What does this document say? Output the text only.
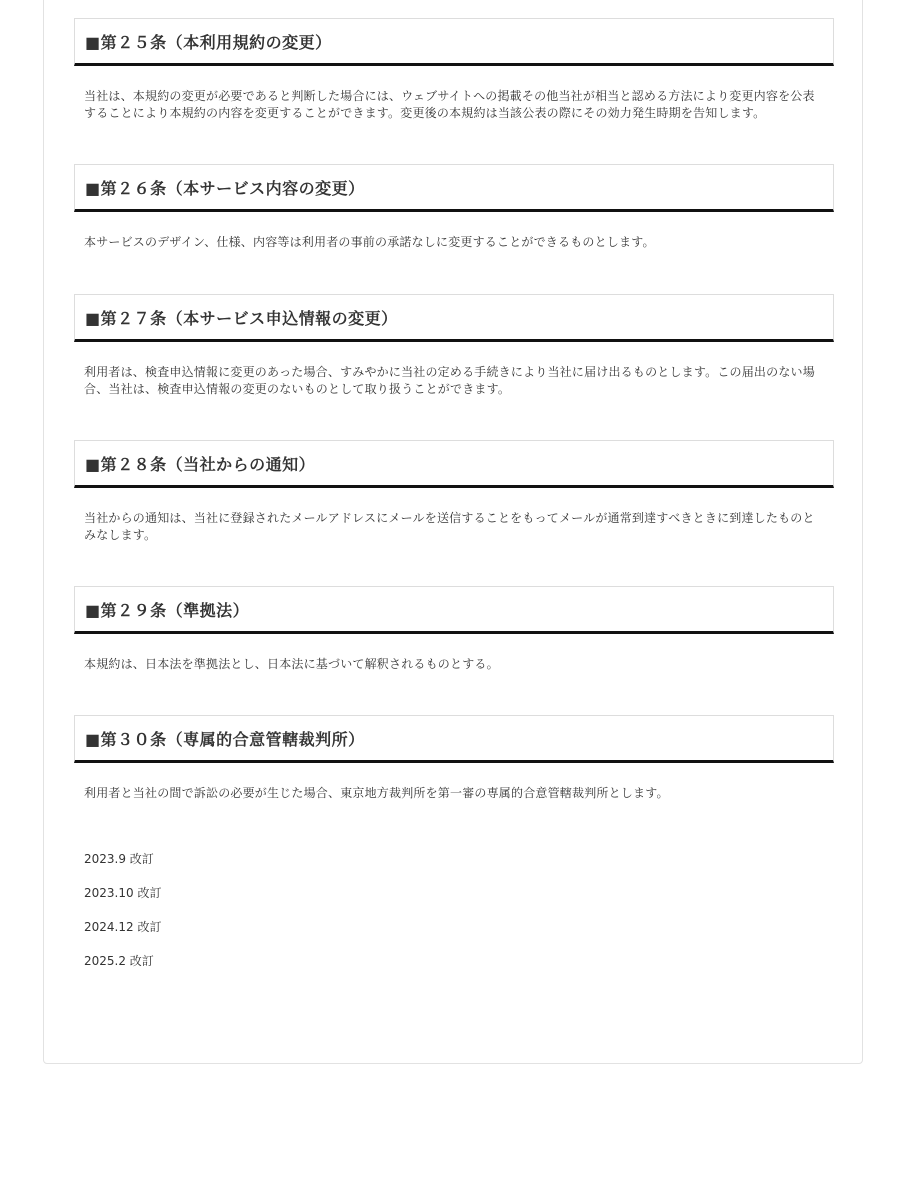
■第２５条（本利用規約の変更）

当社は、本規約の変更が必要であると判断した場合には、ウェブサイトへの掲載その他当社が相当と認める方法により変更内容を公表することにより本規約の内容を変更することができます。変更後の本規約は当該公表の際にその効力発生時期を告知します。

■第２６条（本サービス内容の変更）

本サービスのデザイン、仕様、内容等は利用者の事前の承諾なしに変更することができるものとします。

■第２７条（本サービス申込情報の変更）

利用者は、検査申込情報に変更のあった場合、すみやかに当社の定める手続きにより当社に届け出るものとします。この届出のない場合、当社は、検査申込情報の変更のないものとして取り扱うことができます。

■第２８条（当社からの通知）

当社からの通知は、当社に登録されたメールアドレスにメールを送信することをもってメールが通常到達すべきときに到達したものとみなします。

■第２９条（準拠法）

本規約は、日本法を準拠法とし、日本法に基づいて解釈されるものとする。

■第３０条（専属的合意管轄裁判所）

利用者と当社の間で訴訟の必要が生じた場合、東京地方裁判所を第一審の専属的合意管轄裁判所とします。

2023.9 改訂
2023.10 改訂
2024.12 改訂
2025.2 改訂
